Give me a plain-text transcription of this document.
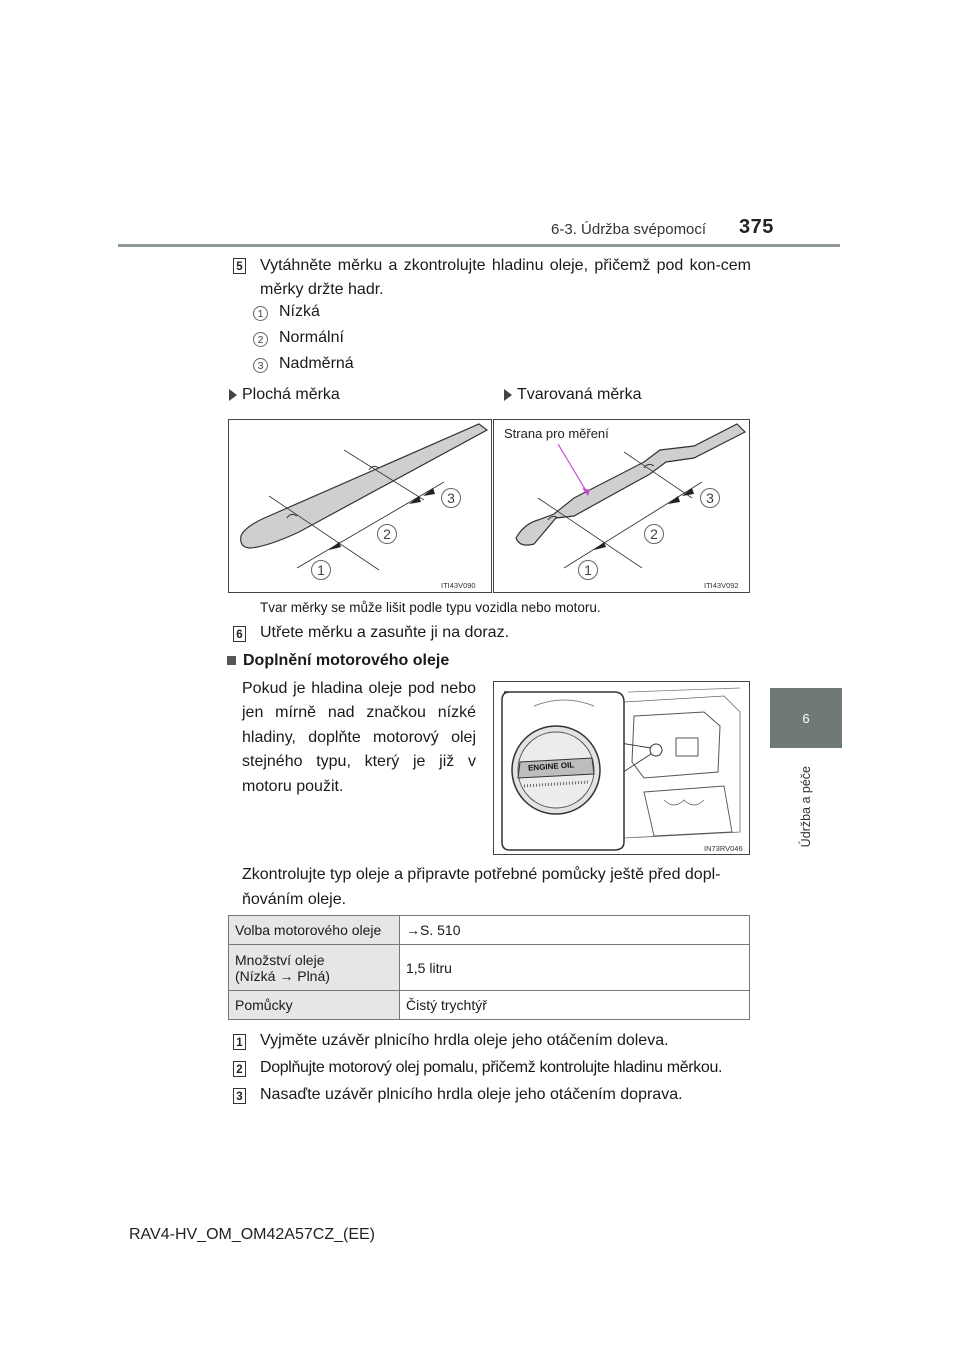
6-3. Údržba svépomocí 375
6
Údržba a péče
5 Vytáhněte měrku a zkontrolujte hladinu oleje, přičemž pod kon-cem měrky držte hadr.
1 Nízká
2 Normální
3 Nadměrná
Plochá měrka	Tvarovaná měrka
1
2
3
ITI43V090
Strana pro měření
1
2
3
ITI43V092
Tvar měrky se může lišit podle typu vozidla nebo motoru.
6 Utřete měrku a zasuňte ji na doraz.
Doplnění motorového oleje
Pokud je hladina oleje pod nebo jen mírně nad značkou nízké hladiny, doplňte motorový olej stejného typu, který je již v motoru použit.
ENGINE OIL
IN73RV046
Zkontrolujte typ oleje a připravte potřebné pomůcky ještě před dopl-ňováním oleje.
Volba motorového oleje	→S. 510
Množství oleje
(Nízká → Plná)	1,5 litru
Pomůcky	Čistý trychtýř
1 Vyjměte uzávěr plnicího hrdla oleje jeho otáčením doleva.
2 Doplňujte motorový olej pomalu, přičemž kontrolujte hladinu měrkou.
3 Nasaďte uzávěr plnicího hrdla oleje jeho otáčením doprava.
RAV4-HV_OM_OM42A57CZ_(EE)
